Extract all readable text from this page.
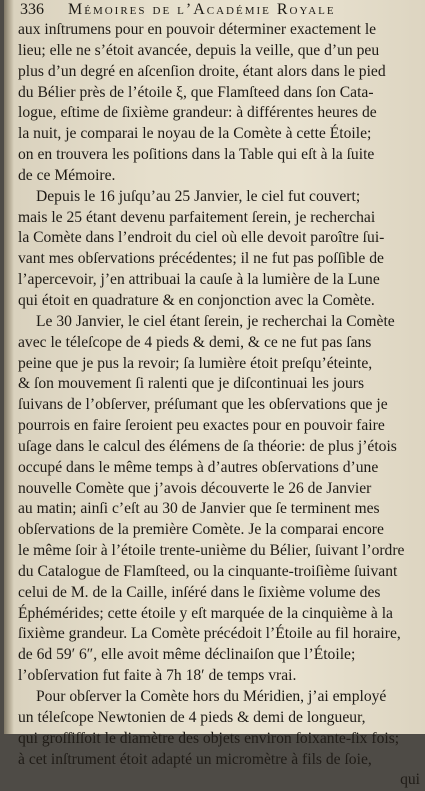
336 Mémoires de l’Académie Royale
aux inſtrumens pour en pouvoir déterminer exactement le
lieu; elle ne s’étoit avancée, depuis la veille, que d’un peu
plus d’un degré en aſcenſion droite, étant alors dans le pied
du Bélier près de l’étoile ξ, que Flamſteed dans ſon Cata-
logue, eſtime de ſixième grandeur: à différentes heures de
la nuit, je comparai le noyau de la Comète à cette Étoile;
on en trouvera les poſitions dans la Table qui eſt à la ſuite
de ce Mémoire.
Depuis le 16 juſqu’au 25 Janvier, le ciel fut couvert;
mais le 25 étant devenu parfaitement ſerein, je recherchai
la Comète dans l’endroit du ciel où elle devoit paroître ſui-
vant mes obſervations précédentes; il ne fut pas poſſible de
l’apercevoir, j’en attribuai la cauſe à la lumière de la Lune
qui étoit en quadrature & en conjonction avec la Comète.
Le 30 Janvier, le ciel étant ſerein, je recherchai la Comète
avec le téleſcope de 4 pieds & demi, & ce ne fut pas ſans
peine que je pus la revoir; ſa lumière étoit preſqu’éteinte,
& ſon mouvement ſi ralenti que je diſcontinuai les jours
ſuivans de l’obſerver, préſumant que les obſervations que je
pourrois en faire ſeroient peu exactes pour en pouvoir faire
uſage dans le calcul des élémens de ſa théorie: de plus j’étois
occupé dans le même temps à d’autres obſervations d’une
nouvelle Comète que j’avois découverte le 26 de Janvier
au matin; ainſi c’eſt au 30 de Janvier que ſe terminent mes
obſervations de la première Comète. Je la comparai encore
le même ſoir à l’étoile trente-unième du Bélier, ſuivant l’ordre
du Catalogue de Flamſteed, ou la cinquante-troiſième ſuivant
celui de M. de la Caille, inſéré dans le ſixième volume des
Éphémérides; cette étoile y eſt marquée de la cinquième à la
ſixième grandeur. La Comète précédoit l’Étoile au fil horaire,
de 6d 59′ 6″, elle avoit même déclinaiſon que l’Étoile;
l’obſervation fut faite à 7h 18′ de temps vrai.
Pour obſerver la Comète hors du Méridien, j’ai employé
un téleſcope Newtonien de 4 pieds & demi de longueur,
qui groſſiſſoit le diamètre des objets environ ſoixante-ſix fois;
à cet inſtrument étoit adapté un micromètre à fils de ſoie,
qui
